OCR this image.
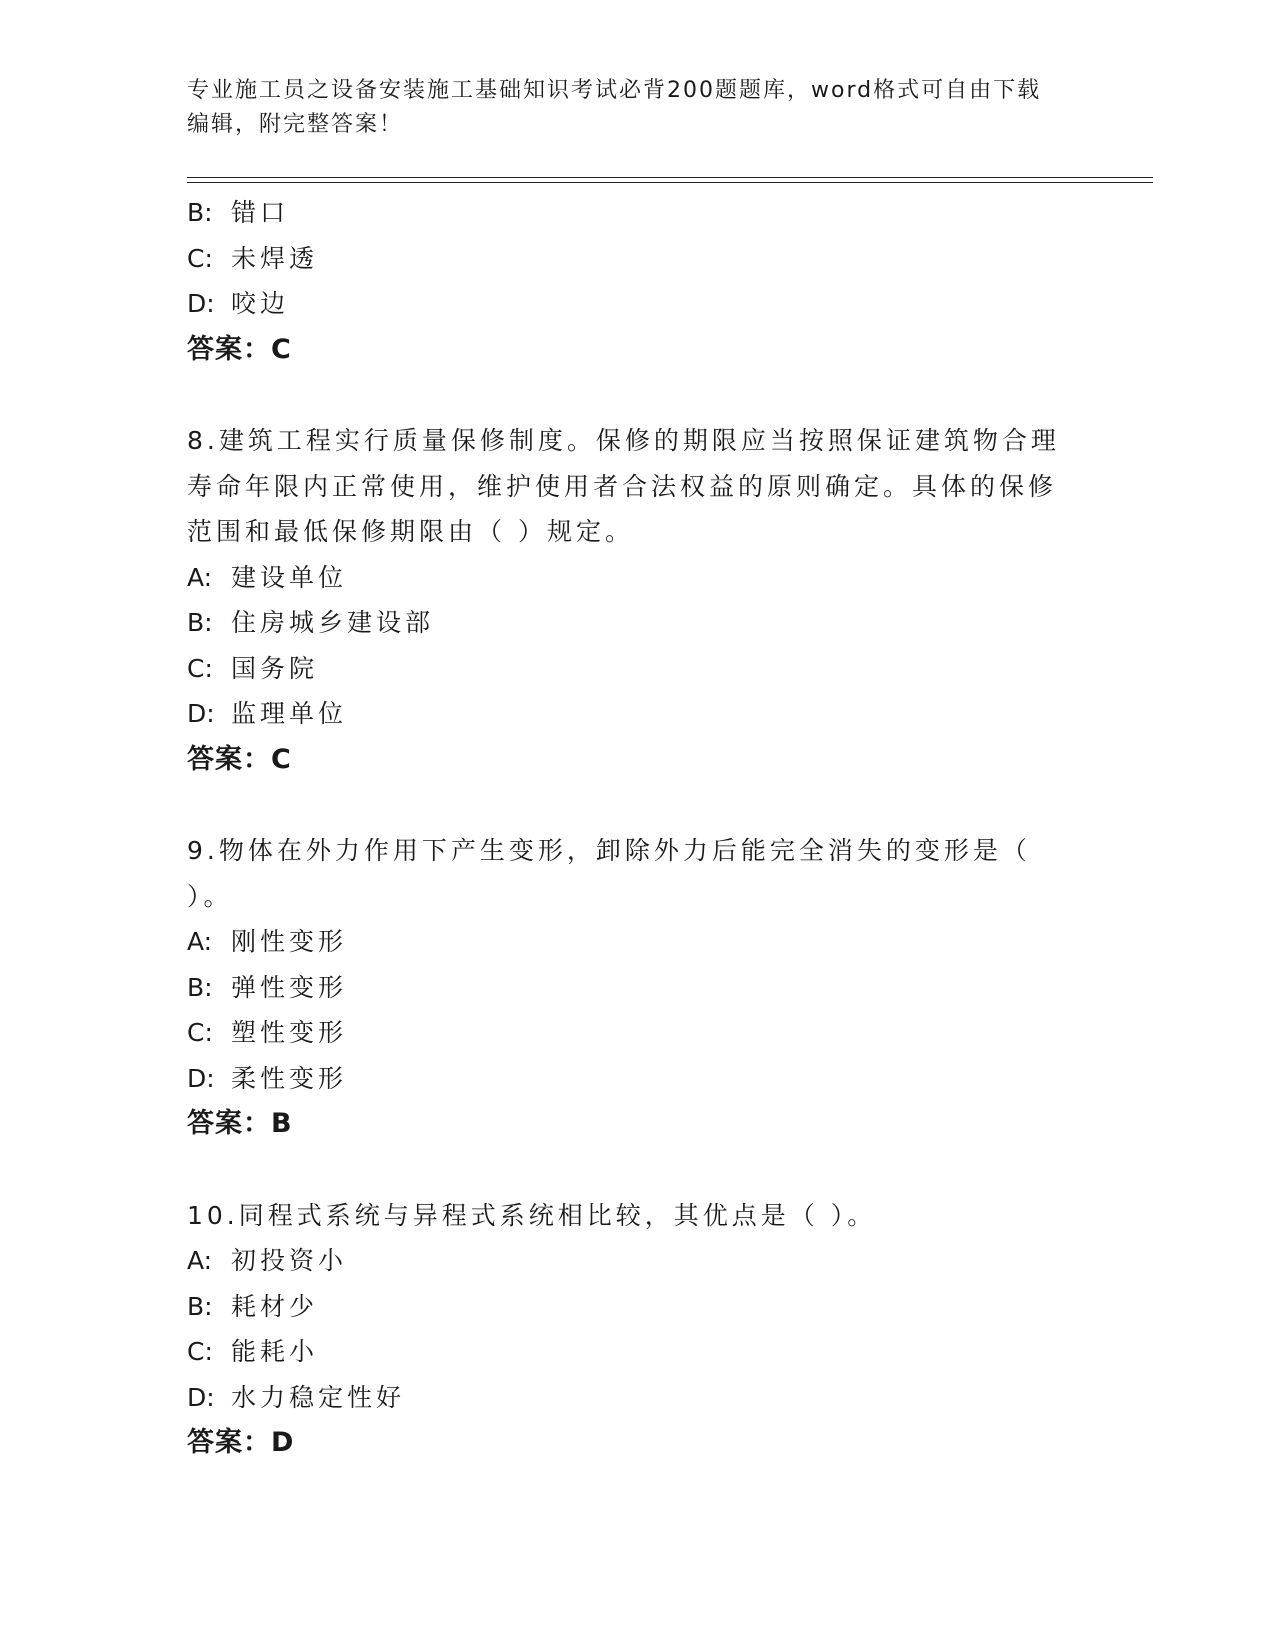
专业施工员之设备安装施工基础知识考试必背200题题库，word格式可自由下载
编辑，附完整答案！
B: 错口
C: 未焊透
D: 咬边
答案：C
8.建筑工程实行质量保修制度。保修的期限应当按照保证建筑物合理寿命年限内正常使用，维护使用者合法权益的原则确定。具体的保修范围和最低保修期限由（ ）规定。
A: 建设单位
B: 住房城乡建设部
C: 国务院
D: 监理单位
答案：C
9.物体在外力作用下产生变形，卸除外力后能完全消失的变形是（ ）。
A: 刚性变形
B: 弹性变形
C: 塑性变形
D: 柔性变形
答案：B
10.同程式系统与异程式系统相比较，其优点是（ ）。
A: 初投资小
B: 耗材少
C: 能耗小
D: 水力稳定性好
答案：D
